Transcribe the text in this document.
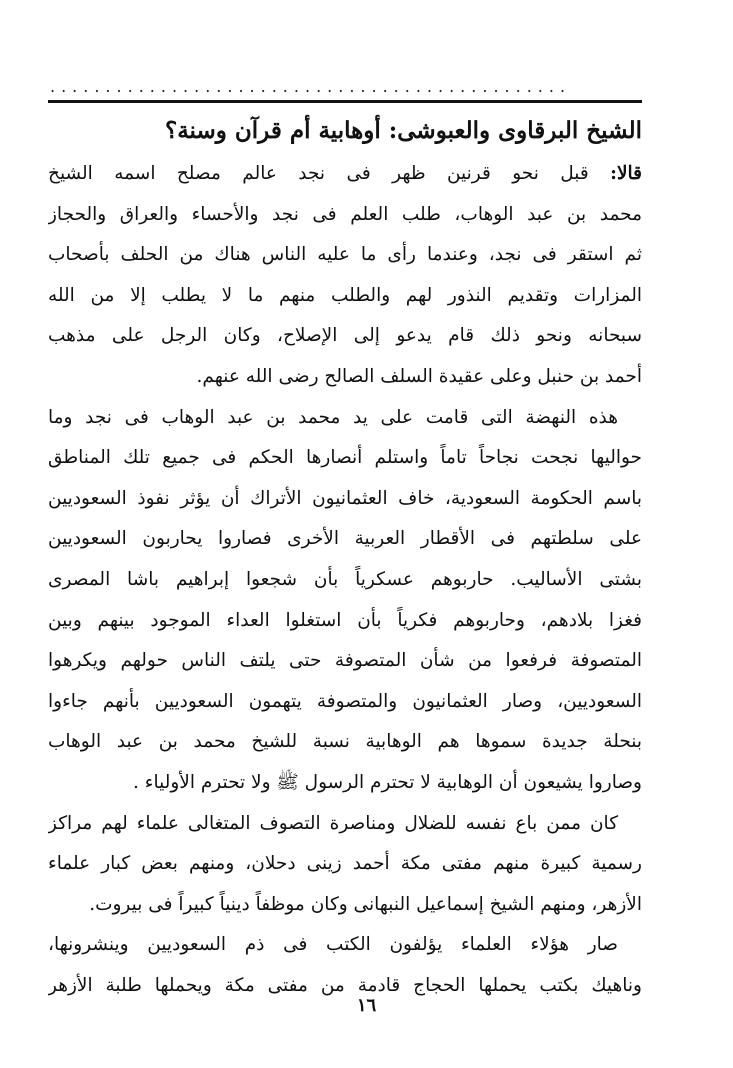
...............................................
الشيخ البرقاوى والعبوشى: أوهابية أم قرآن وسنة؟
قالا: قبل نحو قرنين ظهر فى نجد عالم مصلح اسمه الشيخ
محمد بن عبد الوهاب، طلب العلم فى نجد والأحساء والعراق والحجاز
ثم استقر فى نجد، وعندما رأى ما عليه الناس هناك من الحلف بأصحاب
المزارات وتقديم النذور لهم والطلب منهم ما لا يطلب إلا من الله
سبحانه ونحو ذلك قام يدعو إلى الإصلاح، وكان الرجل على مذهب
أحمد بن حنبل وعلى عقيدة السلف الصالح رضى الله عنهم.
هذه النهضة التى قامت على يد محمد بن عبد الوهاب فى نجد وما
حواليها نجحت نجاحاً تاماً واستلم أنصارها الحكم فى جميع تلك المناطق
باسم الحكومة السعودية، خاف العثمانيون الأتراك أن يؤثر نفوذ السعوديين
على سلطتهم فى الأقطار العربية الأخرى فصاروا يحاربون السعوديين
بشتى الأساليب. حاربوهم عسكرياً بأن شجعوا إبراهيم باشا المصرى
فغزا بلادهم، وحاربوهم فكرياً بأن استغلوا العداء الموجود بينهم وبين
المتصوفة فرفعوا من شأن المتصوفة حتى يلتف الناس حولهم ويكرهوا
السعوديين، وصار العثمانيون والمتصوفة يتهمون السعوديين بأنهم جاءوا
بنحلة جديدة سموها هم الوهابية نسبة للشيخ محمد بن عبد الوهاب
وصاروا يشيعون أن الوهابية لا تحترم الرسول ﷺ ولا تحترم الأولياء .
كان ممن باع نفسه للضلال ومناصرة التصوف المتغالى علماء لهم مراكز
رسمية كبيرة منهم مفتى مكة أحمد زينى دحلان، ومنهم بعض كبار علماء
الأزهر، ومنهم الشيخ إسماعيل النبهانى وكان موظفاً دينياً كبيراً فى بيروت.
صار هؤلاء العلماء يؤلفون الكتب فى ذم السعوديين وينشرونها،
وناهيك بكتب يحملها الحجاج قادمة من مفتى مكة ويحملها طلبة الأزهر
١٦
